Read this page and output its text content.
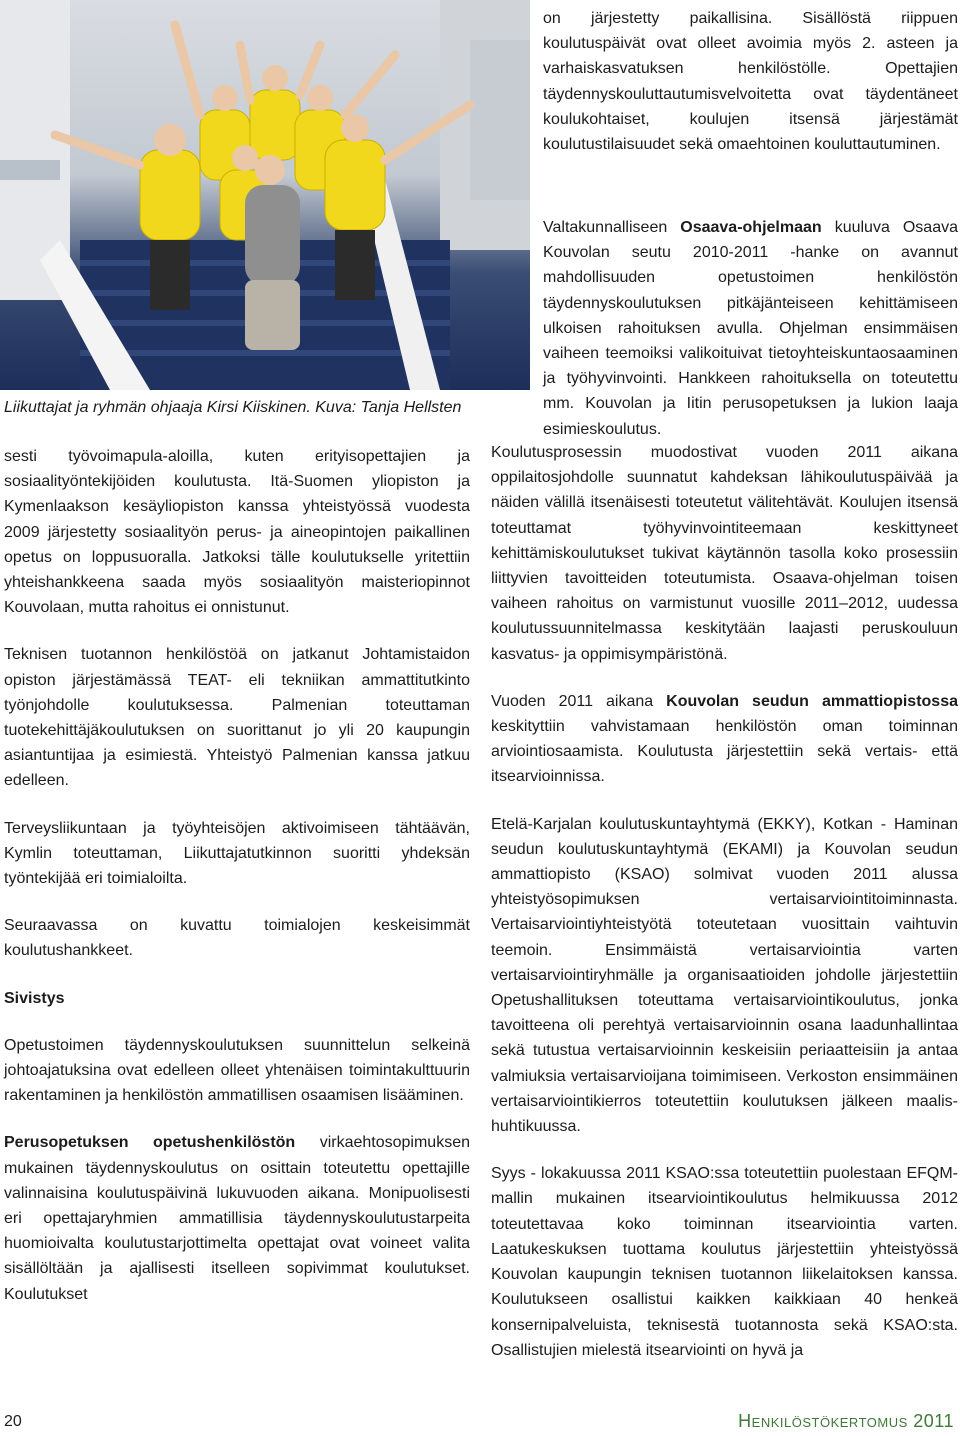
Liikuttajat ja ryhmän ohjaaja Kirsi Kiiskinen. Kuva: Tanja Hellsten

on järjestetty paikallisina. Sisällöstä riippuen koulutuspäivät ovat olleet avoimia myös 2. asteen ja varhaiskasvatuksen henkilöstölle. Opettajien täydennyskouluttautumisvelvoitetta ovat täydentäneet koulukohtaiset, koulujen itsensä järjestämät koulutustilaisuudet sekä omaehtoinen kouluttautuminen.

Valtakunnalliseen Osaava-ohjelmaan kuuluva Osaava Kouvolan seutu 2010-2011 -hanke on avannut mahdollisuuden opetustoimen henkilöstön täydennyskoulutuksen pitkäjänteiseen kehittämiseen ulkoisen rahoituksen avulla. Ohjelman ensimmäisen vaiheen teemoiksi valikoituivat tietoyhteiskuntaosaaminen ja työhyvinvointi. Hankkeen rahoituksella on toteutettu mm. Kouvolan ja Iitin perusopetuksen ja lukion laaja esimieskoulutus.

Koulutusprosessin muodostivat vuoden 2011 aikana oppilaitosjohdolle suunnatut kahdeksan lähikoulutuspäivää ja näiden välillä itsenäisesti toteutetut välitehtävät. Koulujen itsensä toteuttamat työhyvinvointiteemaan keskittyneet kehittämiskoulutukset tukivat käytännön tasolla koko prosessiin liittyvien tavoitteiden toteutumista. Osaava-ohjelman toisen vaiheen rahoitus on varmistunut vuosille 2011–2012, uudessa koulutussuunnitelmassa keskitytään laajasti peruskouluun kasvatus- ja oppimisympäristönä.

Vuoden 2011 aikana Kouvolan seudun ammattiopistossa keskityttiin vahvistamaan henkilöstön oman toiminnan arviointiosaamista. Koulutusta järjestettiin sekä vertais- että itsearvioinnissa.

Etelä-Karjalan koulutuskuntayhtymä (EKKY), Kotkan - Haminan seudun koulutuskuntayhtymä (EKAMI) ja Kouvolan seudun ammattiopisto (KSAO) solmivat vuoden 2011 alussa yhteistyösopimuksen vertaisarviointitoiminnasta. Vertaisarviointiyhteistyötä toteutetaan vuosittain vaihtuvin teemoin. Ensimmäistä vertaisarviointia varten vertaisarviointiryhmälle ja organisaatioiden johdolle järjestettiin Opetushallituksen toteuttama vertaisarviointikoulutus, jonka tavoitteena oli perehtyä vertaisarvioinnin osana laadunhallintaa sekä tutustua vertaisarvioinnin keskeisiin periaatteisiin ja antaa valmiuksia vertaisarvioijana toimimiseen. Verkoston ensimmäinen vertaisarviointikierros toteutettiin koulutuksen jälkeen maalis-huhtikuussa.

Syys - lokakuussa 2011 KSAO:ssa toteutettiin puolestaan EFQM-mallin mukainen itsearviointikoulutus helmikuussa 2012 toteutettavaa koko toiminnan itsearviointia varten. Laatukeskuksen tuottama koulutus järjestettiin yhteistyössä Kouvolan kaupungin teknisen tuotannon liikelaitoksen kanssa. Koulutukseen osallistui kaikken kaikkiaan 40 henkeä konsernipalveluista, teknisestä tuotannosta sekä KSAO:sta. Osallistujien mielestä itsearviointi on hyvä ja

sesti työvoimapula-aloilla, kuten erityisopettajien ja sosiaalityöntekijöiden koulutusta. Itä-Suomen yliopiston ja Kymenlaakson kesäyliopiston kanssa yhteistyössä vuodesta 2009 järjestetty sosiaalityön perus- ja aineopintojen paikallinen opetus on loppusuoralla. Jatkoksi tälle koulutukselle yritettiin yhteishankkeena saada myös sosiaalityön maisteriopinnot Kouvolaan, mutta rahoitus ei onnistunut.

Teknisen tuotannon henkilöstöä on jatkanut Johtamistaidon opiston järjestämässä TEAT- eli tekniikan ammattitutkinto työnjohdolle koulutuksessa. Palmenian toteuttaman tuotekehittäjäkoulutuksen on suorittanut jo yli 20 kaupungin asiantuntijaa ja esimiestä. Yhteistyö Palmenian kanssa jatkuu edelleen.

Terveysliikuntaan ja työyhteisöjen aktivoimiseen tähtäävän, Kymlin toteuttaman, Liikuttajatutkinnon suoritti yhdeksän työntekijää eri toimialoilta.

Seuraavassa on kuvattu toimialojen keskeisimmät koulutushankkeet.

Sivistys

Opetustoimen täydennyskoulutuksen suunnittelun selkeinä johtoajatuksina ovat edelleen olleet yhtenäisen toimintakulttuurin rakentaminen ja henkilöstön ammatillisen osaamisen lisääminen.

Perusopetuksen opetushenkilöstön virkaehtosopimuksen mukainen täydennyskoulutus on osittain toteutettu opettajille valinnaisina koulutuspäivinä lukuvuoden aikana. Monipuolisesti eri opettajaryhmien ammatillisia täydennyskoulutustarpeita huomioivalta koulutustarjottimelta opettajat ovat voineet valita sisällöltään ja ajallisesti itselleen sopivimmat koulutukset. Koulutukset

20	Henkilöstökertomus 2011
